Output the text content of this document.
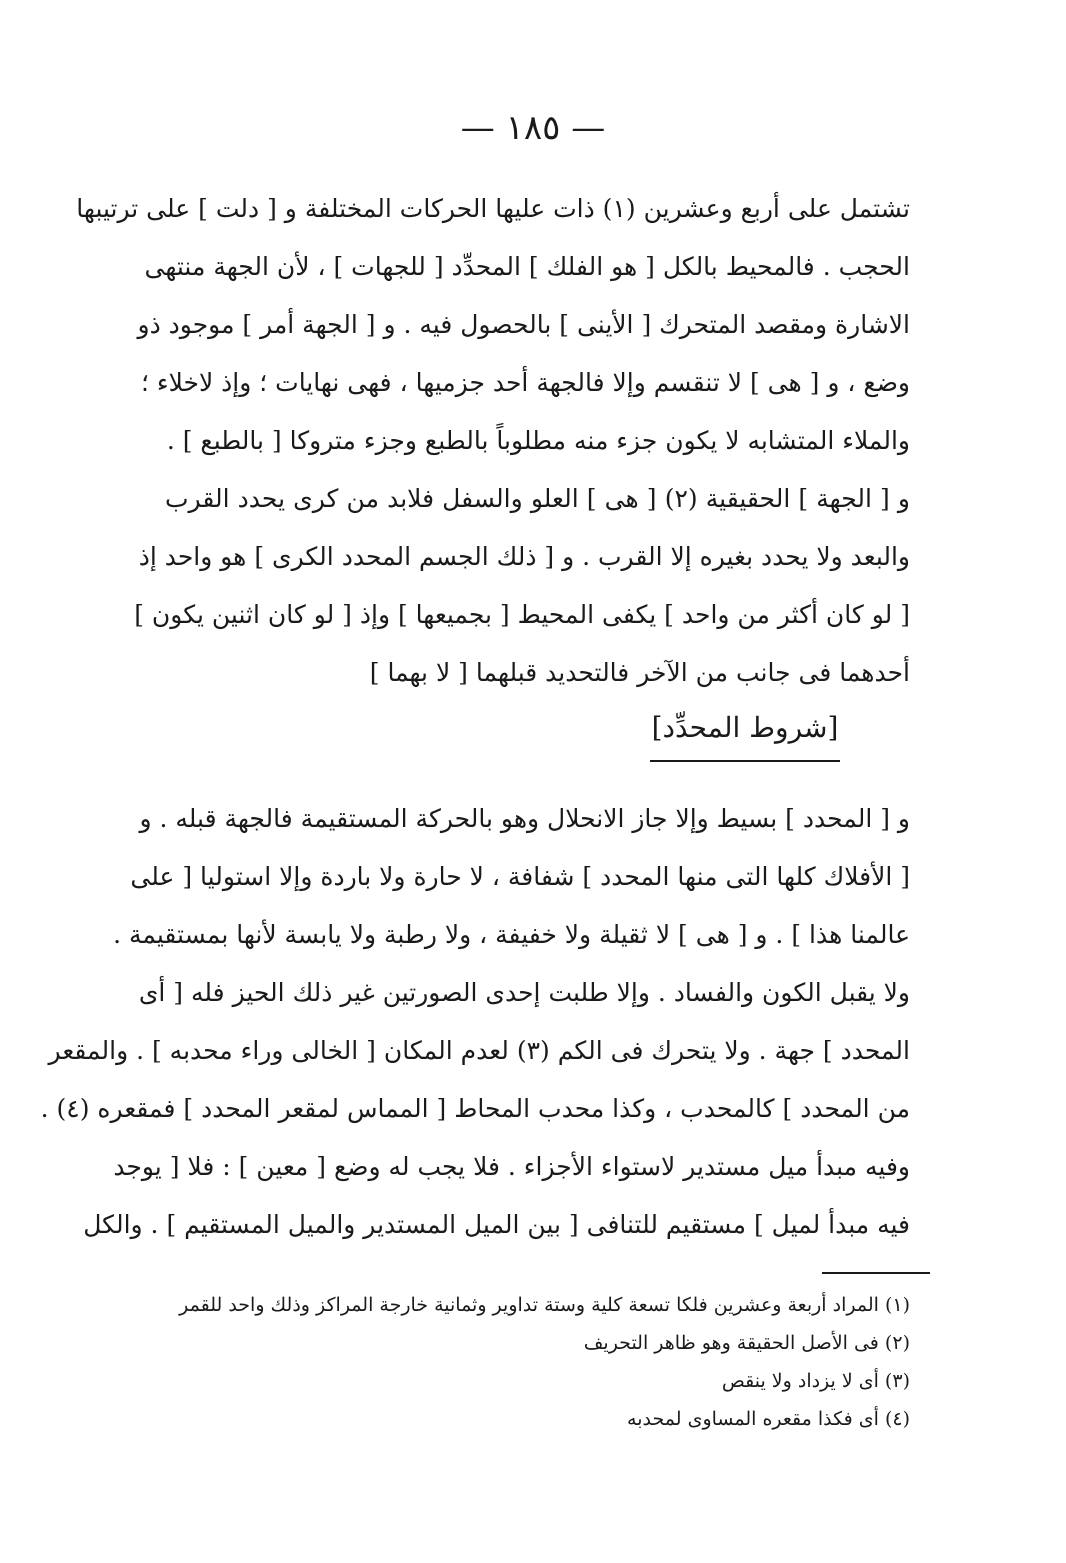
— ١٨٥ —
تشتمل على أربع وعشرين (١) ذات عليها الحركات المختلفة و [ دلت ] على ترتيبها
الحجب . فالمحيط بالكل [ هو الفلك ] المحدِّد [ للجهات ] ، لأن الجهة منتهى
الاشارة ومقصد المتحرك [ الأينى ] بالحصول فيه . و [ الجهة أمر ] موجود ذو
وضع ، و [ هى ] لا تنقسم وإلا فالجهة أحد جزميها ، فهى نهايات ؛ وإذ لاخلاء ؛
والملاء المتشابه لا يكون جزء منه مطلوباً بالطبع وجزء متروكا [ بالطبع ] .
و [ الجهة ] الحقيقية (٢) [ هى ] العلو والسفل فلابد من كرى يحدد القرب
والبعد ولا يحدد بغيره إلا القرب . و [ ذلك الجسم المحدد الكرى ] هو واحد إذ
[ لو كان أكثر من واحد ] يكفى المحيط [ بجميعها ] وإذ [ لو كان اثنين يكون ]
أحدهما فى جانب من الآخر فالتحديد قبلهما [ لا بهما ]
[شروط المحدِّد]
و [ المحدد ] بسيط وإلا جاز الانحلال وهو بالحركة المستقيمة فالجهة قبله . و
[ الأفلاك كلها التى منها المحدد ] شفافة ، لا حارة ولا باردة وإلا استوليا [ على
عالمنا هذا ] . و [ هى ] لا ثقيلة ولا خفيفة ، ولا رطبة ولا يابسة لأنها بمستقيمة .
ولا يقبل الكون والفساد . وإلا طلبت إحدى الصورتين غير ذلك الحيز فله [ أى
المحدد ] جهة . ولا يتحرك فى الكم (٣) لعدم المكان [ الخالى وراء محدبه ] . والمقعر
من المحدد ] كالمحدب ، وكذا محدب المحاط [ المماس لمقعر المحدد ] فمقعره (٤) .
وفيه مبدأ ميل مستدير لاستواء الأجزاء . فلا يجب له وضع [ معين ] : فلا [ يوجد
فيه مبدأ لميل ] مستقيم للتنافى [ بين الميل المستدير والميل المستقيم ] . والكل
(١) المراد أربعة وعشرين فلكا تسعة كلية وستة تداوير وثمانية خارجة المراكز وذلك واحد للقمر
(٢) فى الأصل الحقيقة وهو ظاهر التحريف
(٣) أى لا يزداد ولا ينقص
(٤) أى فكذا مقعره المساوى لمحدبه
